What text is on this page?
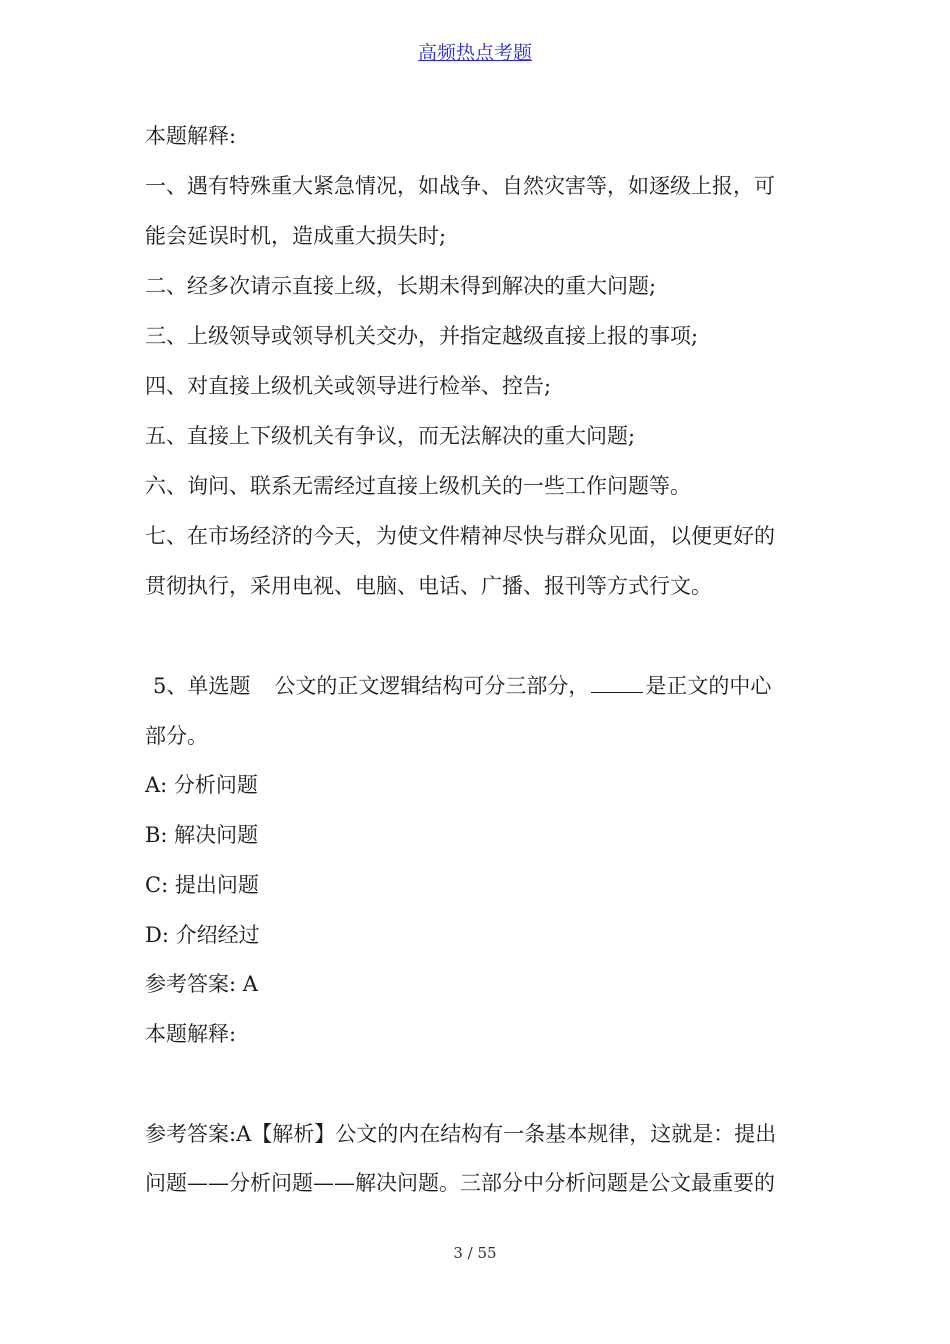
高频热点考题
本题解释:
一、遇有特殊重大紧急情况，如战争、自然灾害等，如逐级上报，可
能会延误时机，造成重大损失时;
二、经多次请示直接上级，长期未得到解决的重大问题;
三、上级领导或领导机关交办，并指定越级直接上报的事项;
四、对直接上级机关或领导进行检举、控告;
五、直接上下级机关有争议，而无法解决的重大问题;
六、询问、联系无需经过直接上级机关的一些工作问题等。
七、在市场经济的今天，为使文件精神尽快与群众见面，以便更好的
贯彻执行，采用电视、电脑、电话、广播、报刊等方式行文。
5、单选题 公文的正文逻辑结构可分三部分，	是正文的中心
部分。
A: 分析问题
B: 解决问题
C: 提出问题
D: 介绍经过
参考答案: A
本题解释:
参考答案:A【解析】公文的内在结构有一条基本规律，这就是：提出
问题——分析问题——解决问题。三部分中分析问题是公文最重要的
3 / 55
